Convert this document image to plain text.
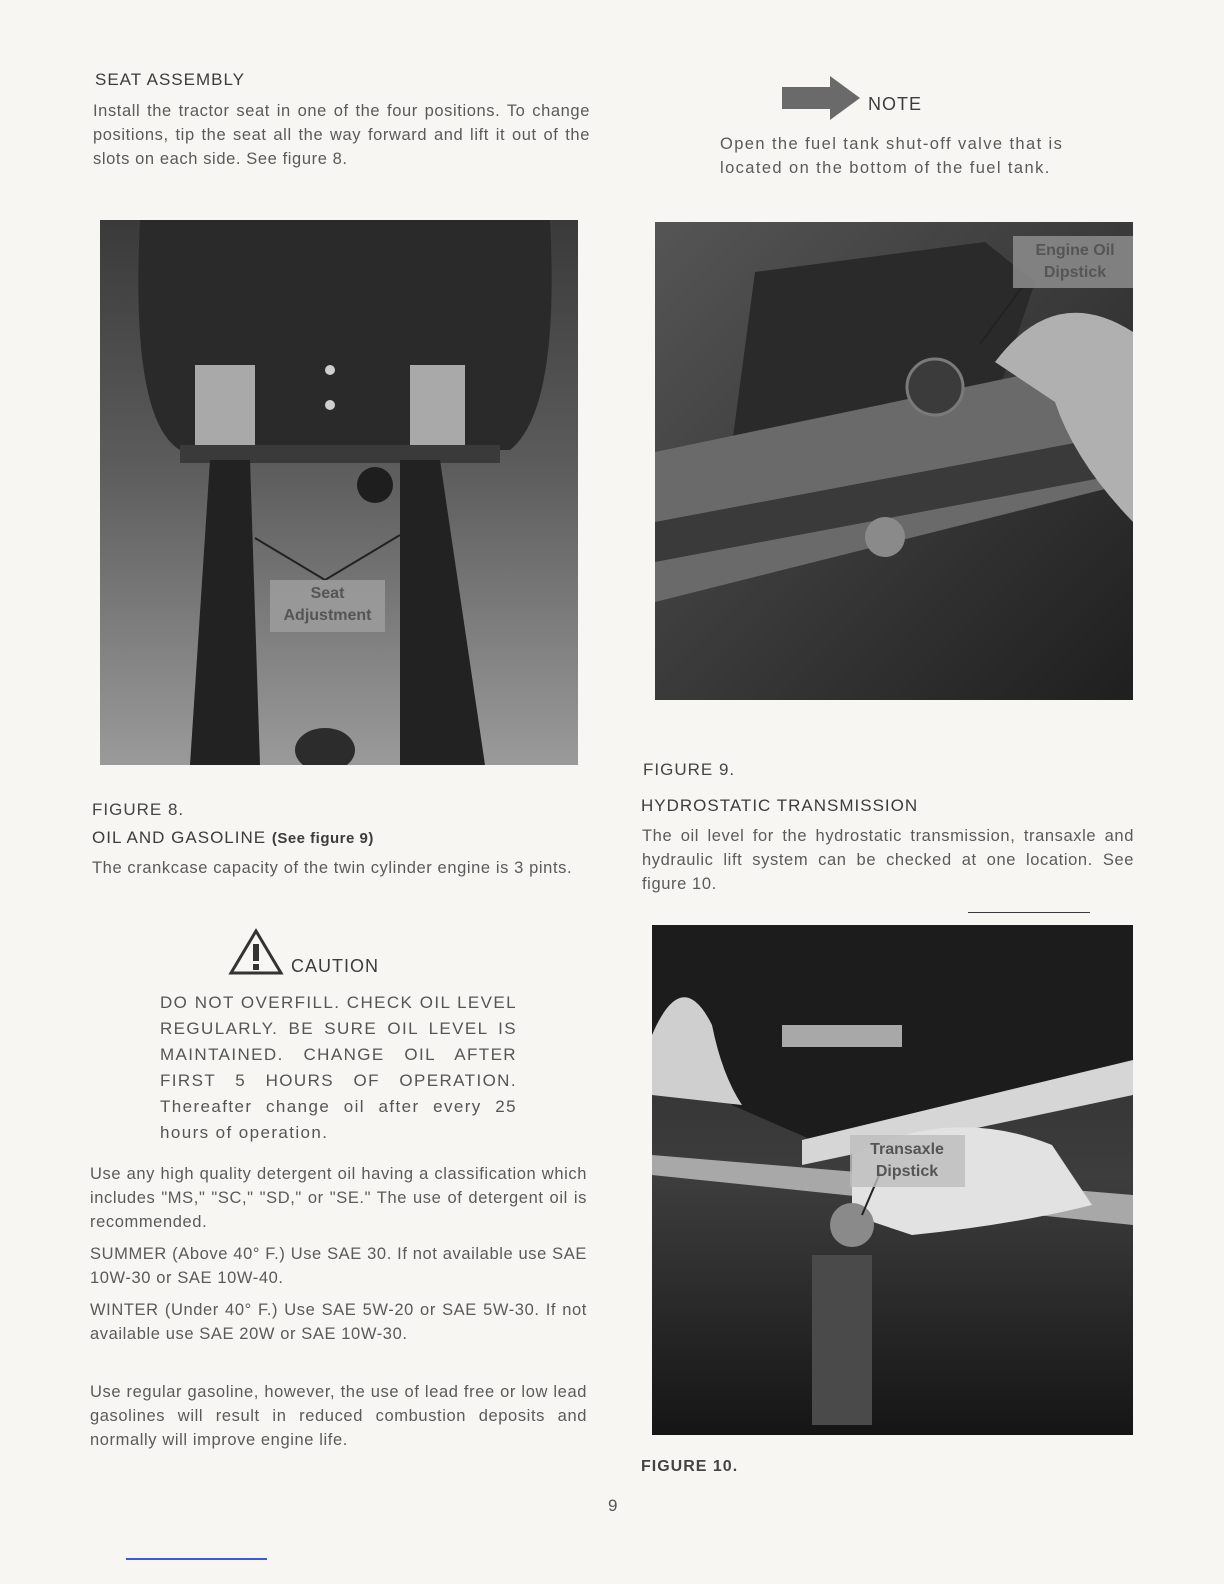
SEAT ASSEMBLY
Install the tractor seat in one of the four positions. To change positions, tip the seat all the way forward and lift it out of the slots on each side. See figure 8.
Seat
Adjustment
FIGURE 8.
OIL AND GASOLINE (See figure 9)
The crankcase capacity of the twin cylinder engine is 3 pints.
CAUTION
DO NOT OVERFILL. CHECK OIL LEVEL REGULARLY. BE SURE OIL LEVEL IS MAINTAINED. CHANGE OIL AFTER FIRST 5 HOURS OF OPERATION. Thereafter change oil after every 25 hours of operation.
Use any high quality detergent oil having a classification which includes "MS," "SC," "SD," or "SE." The use of detergent oil is recommended.
SUMMER (Above 40° F.) Use SAE 30. If not available use SAE 10W-30 or SAE 10W-40.
WINTER (Under 40° F.) Use SAE 5W-20 or SAE 5W-30. If not available use SAE 20W or SAE 10W-30.
Use regular gasoline, however, the use of lead free or low lead gasolines will result in reduced combustion deposits and normally will improve engine life.
NOTE
Open the fuel tank shut-off valve that is located on the bottom of the fuel tank.
Engine Oil
Dipstick
FIGURE 9.
HYDROSTATIC TRANSMISSION
The oil level for the hydrostatic transmission, transaxle and hydraulic lift system can be checked at one location. See figure 10.
Transaxle
Dipstick
FIGURE 10.
9
